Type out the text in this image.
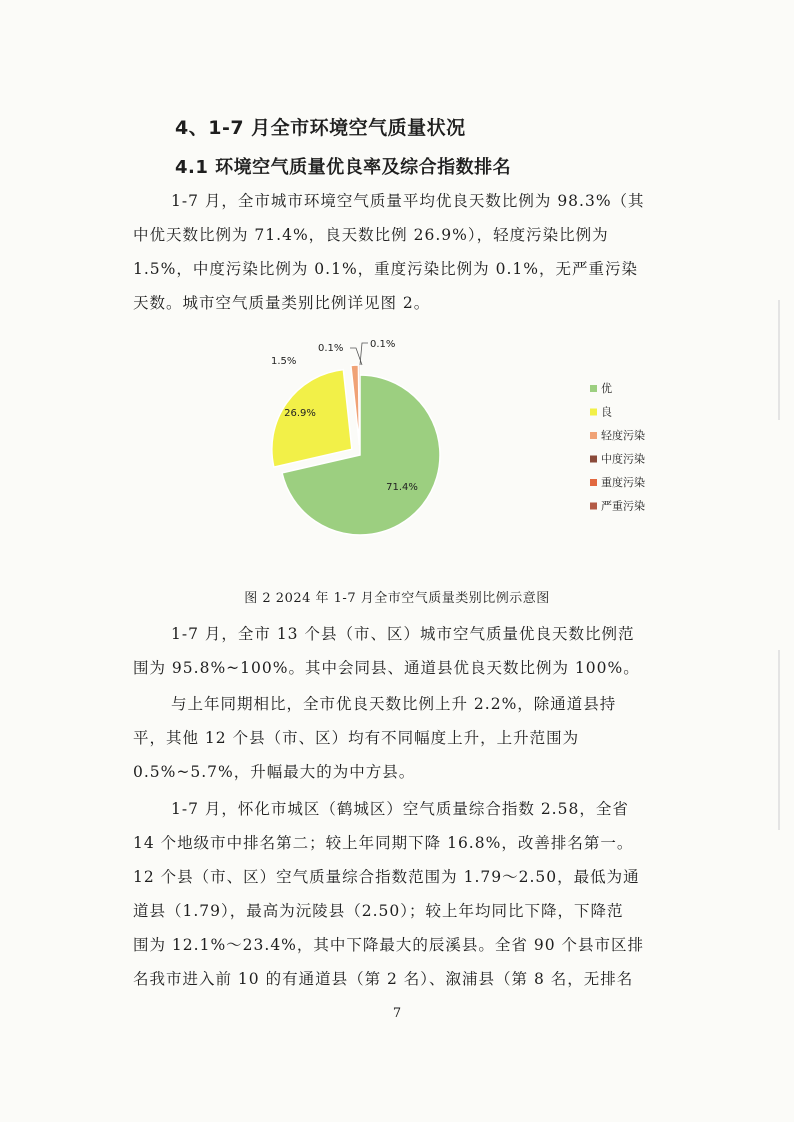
4、1-7 月全市环境空气质量状况
4.1 环境空气质量优良率及综合指数排名
1-7 月，全市城市环境空气质量平均优良天数比例为 98.3%（其
中优天数比例为 71.4%，良天数比例 26.9%），轻度污染比例为
1.5%，中度污染比例为 0.1%，重度污染比例为 0.1%，无严重污染
天数。城市空气质量类别比例详见图 2。
71.4%
26.9%
1.5%
0.1%	0.1%
优
良
轻度污染
中度污染
重度污染
严重污染
图 2 2024 年 1-7 月全市空气质量类别比例示意图
1-7 月，全市 13 个县（市、区）城市空气质量优良天数比例范
围为 95.8%~100%。其中会同县、通道县优良天数比例为 100%。
与上年同期相比，全市优良天数比例上升 2.2%，除通道县持
平，其他 12 个县（市、区）均有不同幅度上升，上升范围为
0.5%~5.7%，升幅最大的为中方县。
1-7 月，怀化市城区（鹤城区）空气质量综合指数 2.58，全省
14 个地级市中排名第二；较上年同期下降 16.8%，改善排名第一。
12 个县（市、区）空气质量综合指数范围为 1.79～2.50，最低为通
道县（1.79），最高为沅陵县（2.50）；较上年均同比下降，下降范
围为 12.1%～23.4%，其中下降最大的辰溪县。全省 90 个县市区排
名我市进入前 10 的有通道县（第 2 名）、溆浦县（第 8 名，无排名
7
